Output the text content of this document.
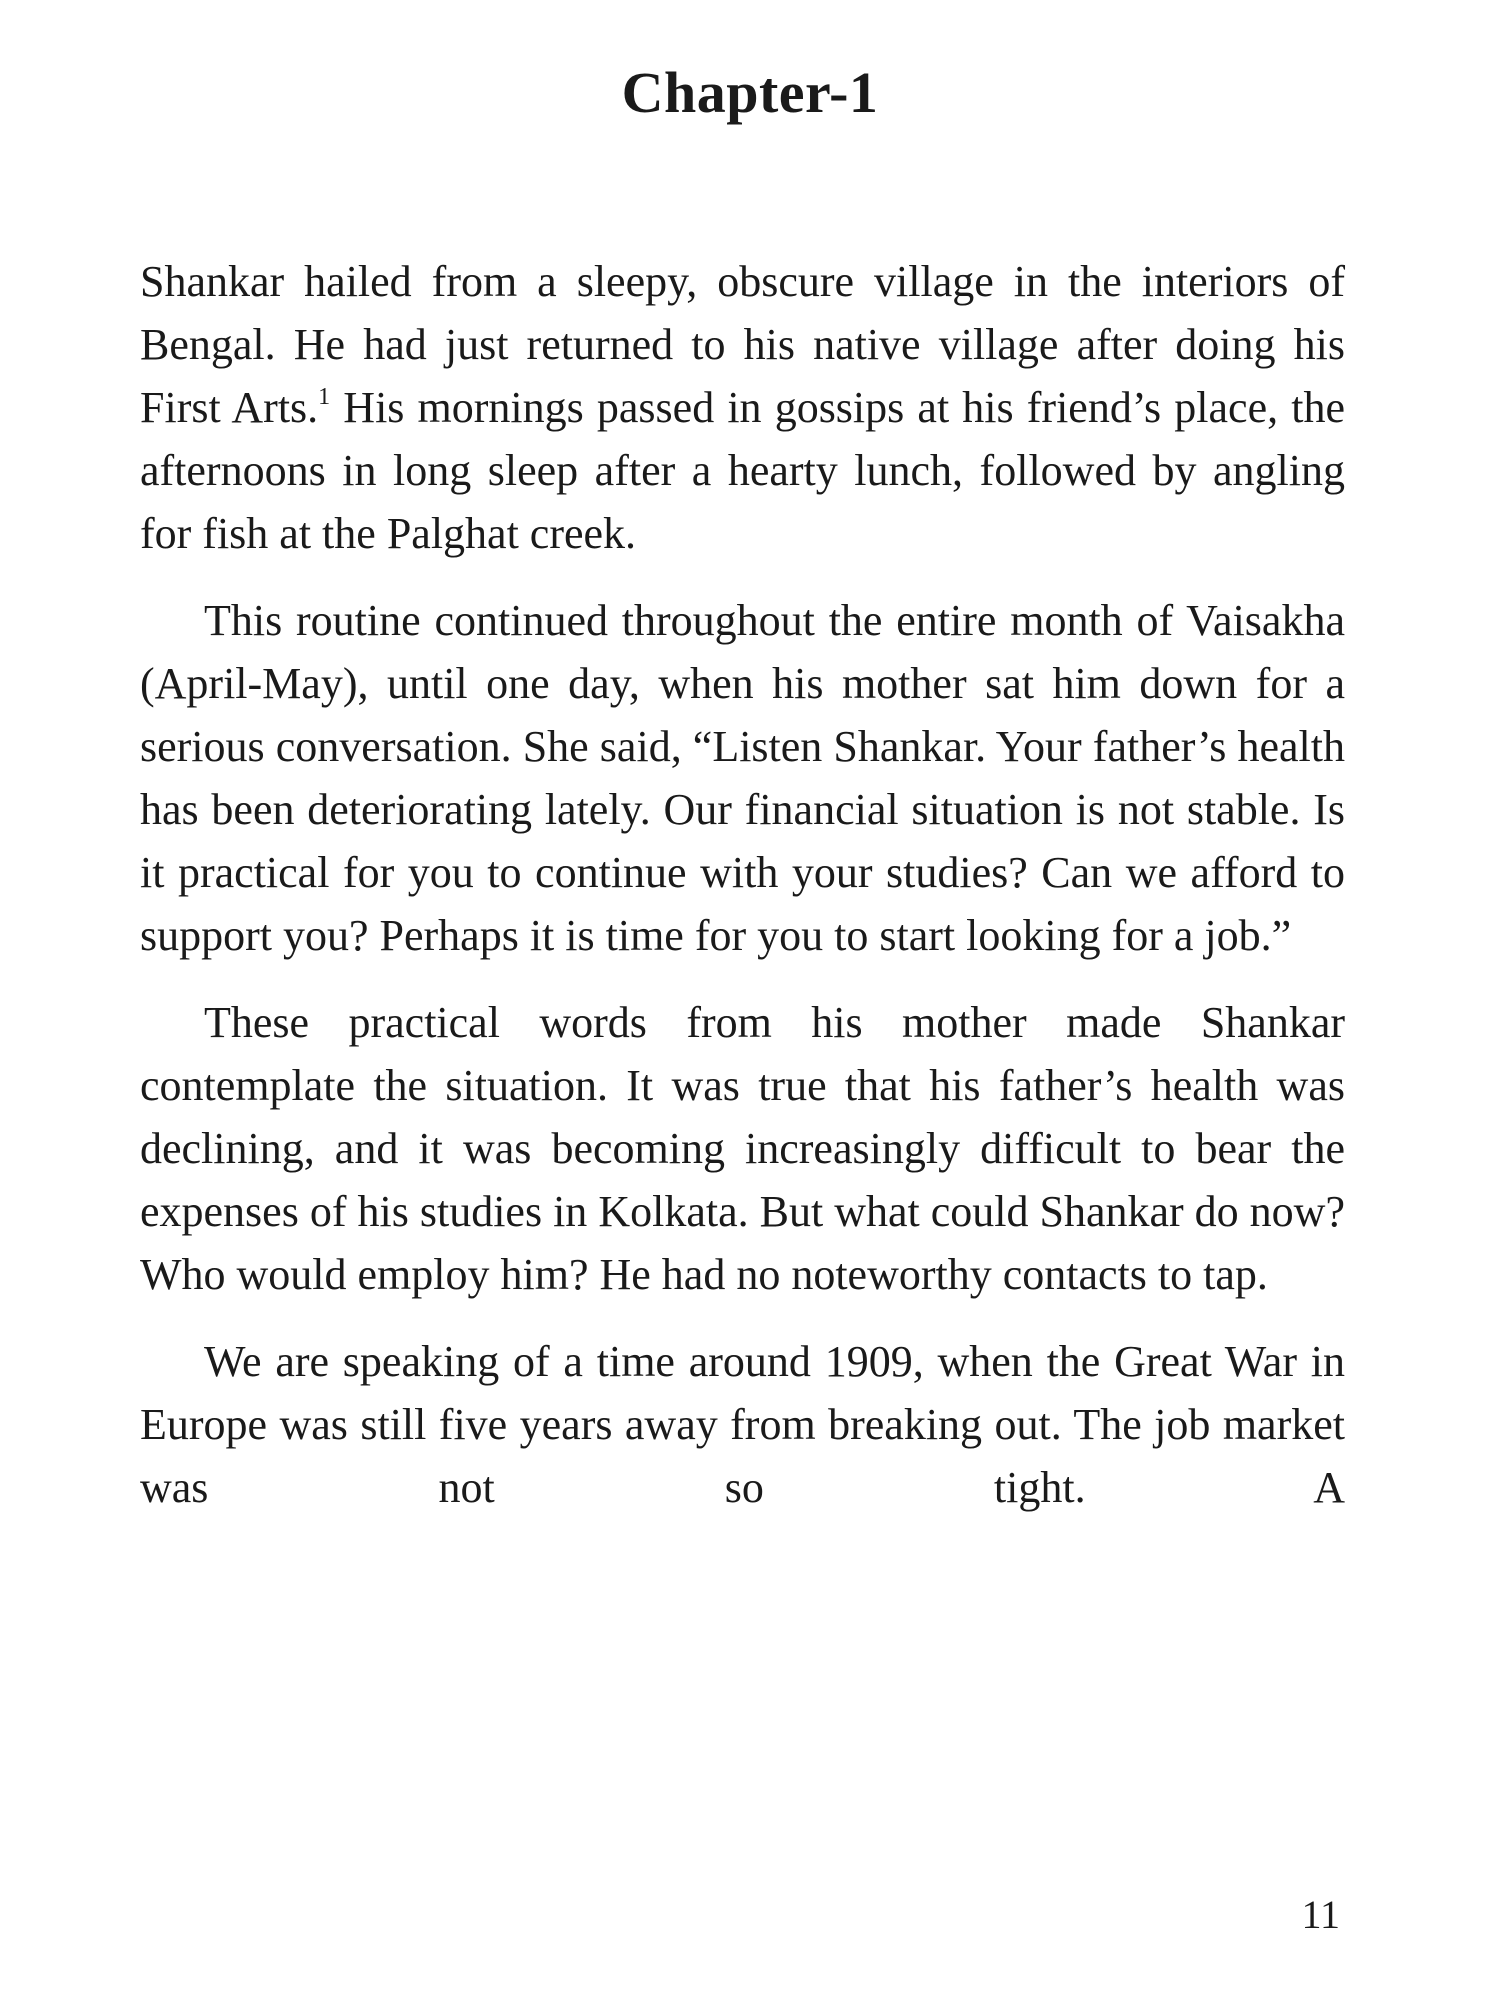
Chapter-1

Shankar hailed from a sleepy, obscure village in the interiors of Bengal. He had just returned to his native village after doing his First Arts.$^1$ His mornings passed in gossips at his friend’s place, the afternoons in long sleep after a hearty lunch, followed by angling for fish at the Palghat creek.

This routine continued throughout the entire month of Vaisakha (April-May), until one day, when his mother sat him down for a serious conversation. She said, “Listen Shankar. Your father’s health has been deteriorating lately. Our financial situation is not stable. Is it practical for you to continue with your studies? Can we afford to support you? Perhaps it is time for you to start looking for a job.”

These practical words from his mother made Shankar contemplate the situation. It was true that his father’s health was declining, and it was becoming increasingly difficult to bear the expenses of his studies in Kolkata. But what could Shankar do now? Who would employ him? He had no noteworthy contacts to tap.

We are speaking of a time around 1909, when the Great War in Europe was still five years away from breaking out. The job market was not so tight. A

11
